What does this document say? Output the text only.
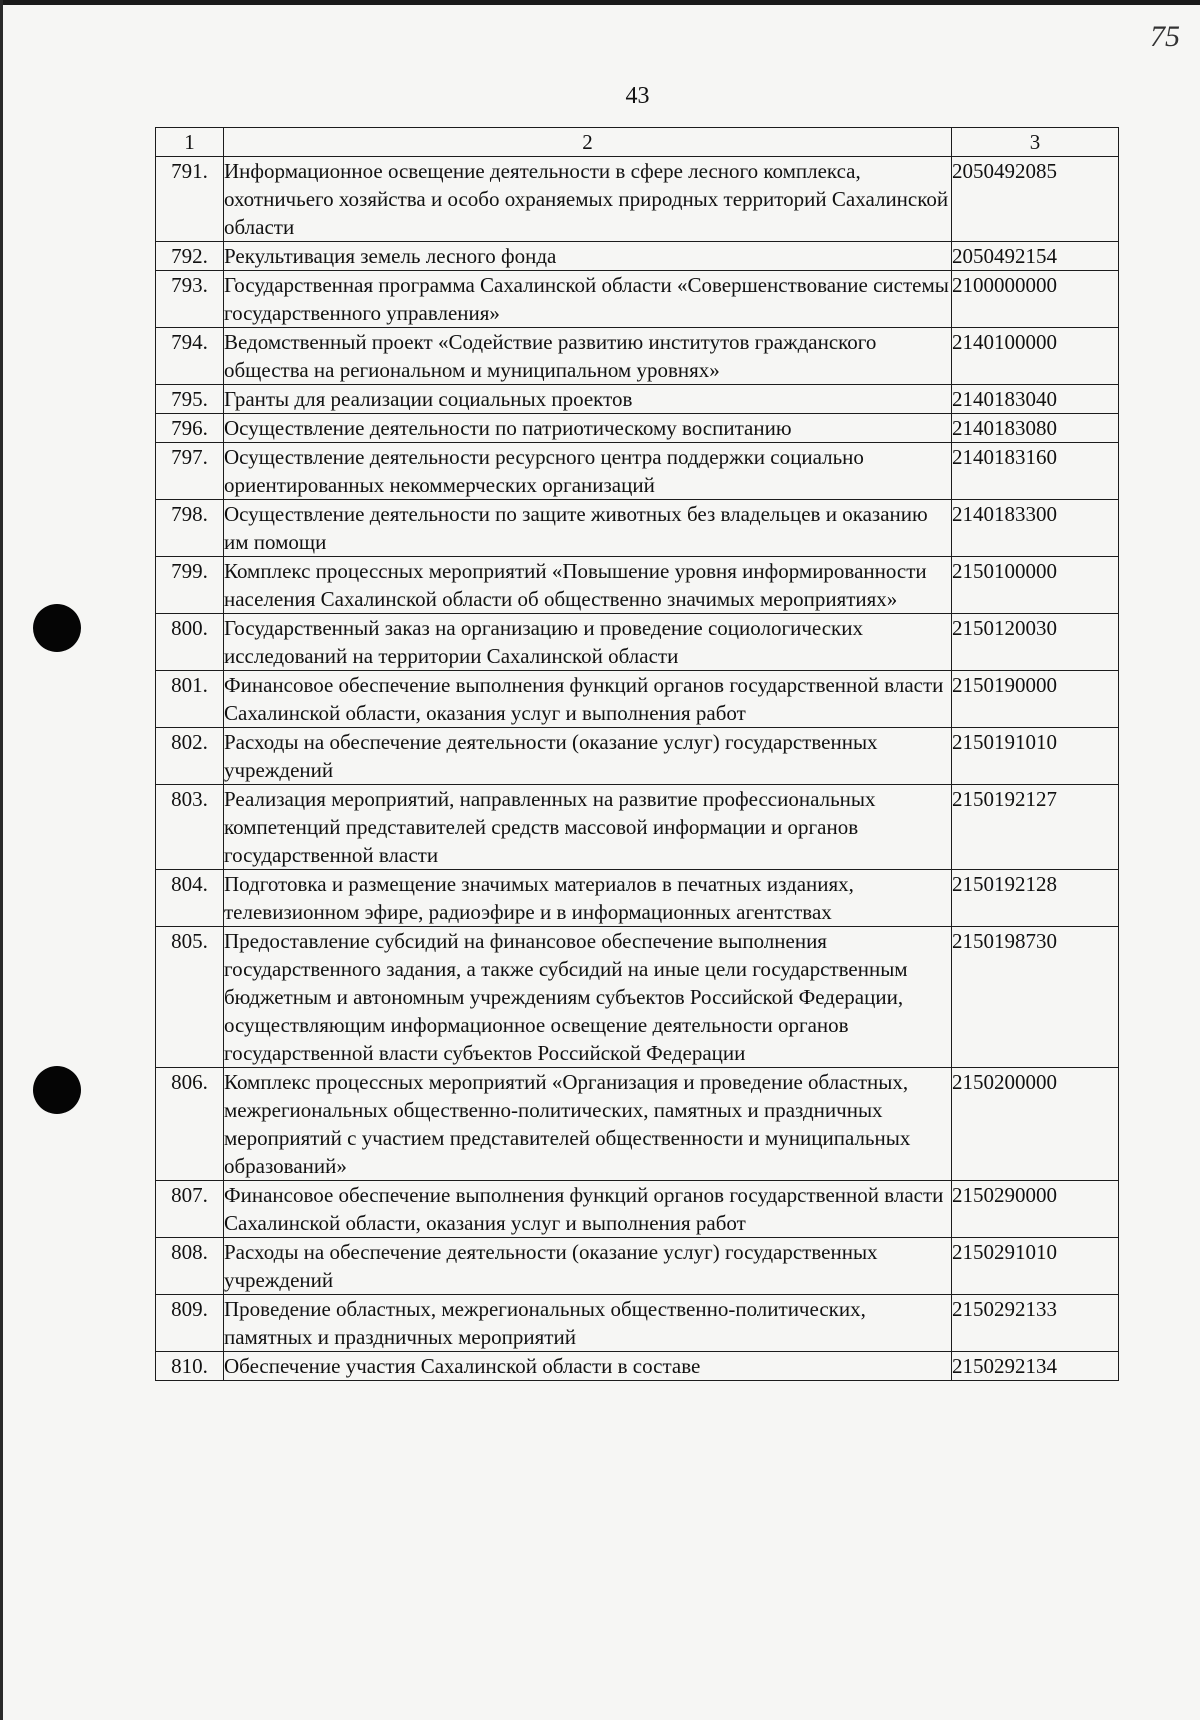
75
43
1	2	3
791.	Информационное освещение деятельности в сфере лесного комплекса, охотничьего хозяйства и особо охраняемых природных территорий Сахалинской области	2050492085
792.	Рекультивация земель лесного фонда	2050492154
793.	Государственная программа Сахалинской области «Совершенствование системы государственного управления»	2100000000
794.	Ведомственный проект «Содействие развитию институтов гражданского общества на региональном и муниципальном уровнях»	2140100000
795.	Гранты для реализации социальных проектов	2140183040
796.	Осуществление деятельности по патриотическому воспитанию	2140183080
797.	Осуществление деятельности ресурсного центра поддержки социально ориентированных некоммерческих организаций	2140183160
798.	Осуществление деятельности по защите животных без владельцев и оказанию им помощи	2140183300
799.	Комплекс процессных мероприятий «Повышение уровня информированности населения Сахалинской области об общественно значимых мероприятиях»	2150100000
800.	Государственный заказ на организацию и проведение социологических исследований на территории Сахалинской области	2150120030
801.	Финансовое обеспечение выполнения функций органов государственной власти Сахалинской области, оказания услуг и выполнения работ	2150190000
802.	Расходы на обеспечение деятельности (оказание услуг) государственных учреждений	2150191010
803.	Реализация мероприятий, направленных на развитие профессиональных компетенций представителей средств массовой информации и органов государственной власти	2150192127
804.	Подготовка и размещение значимых материалов в печатных изданиях, телевизионном эфире, радиоэфире и в информационных агентствах	2150192128
805.	Предоставление субсидий на финансовое обеспечение выполнения государственного задания, а также субсидий на иные цели государственным бюджетным и автономным учреждениям субъектов Российской Федерации, осуществляющим информационное освещение деятельности органов государственной власти субъектов Российской Федерации	2150198730
806.	Комплекс процессных мероприятий «Организация и проведение областных, межрегиональных общественно-политических, памятных и праздничных мероприятий с участием представителей общественности и муниципальных образований»	2150200000
807.	Финансовое обеспечение выполнения функций органов государственной власти Сахалинской области, оказания услуг и выполнения работ	2150290000
808.	Расходы на обеспечение деятельности (оказание услуг) государственных учреждений	2150291010
809.	Проведение областных, межрегиональных общественно-политических, памятных и праздничных мероприятий	2150292133
810.	Обеспечение участия Сахалинской области в составе	2150292134
